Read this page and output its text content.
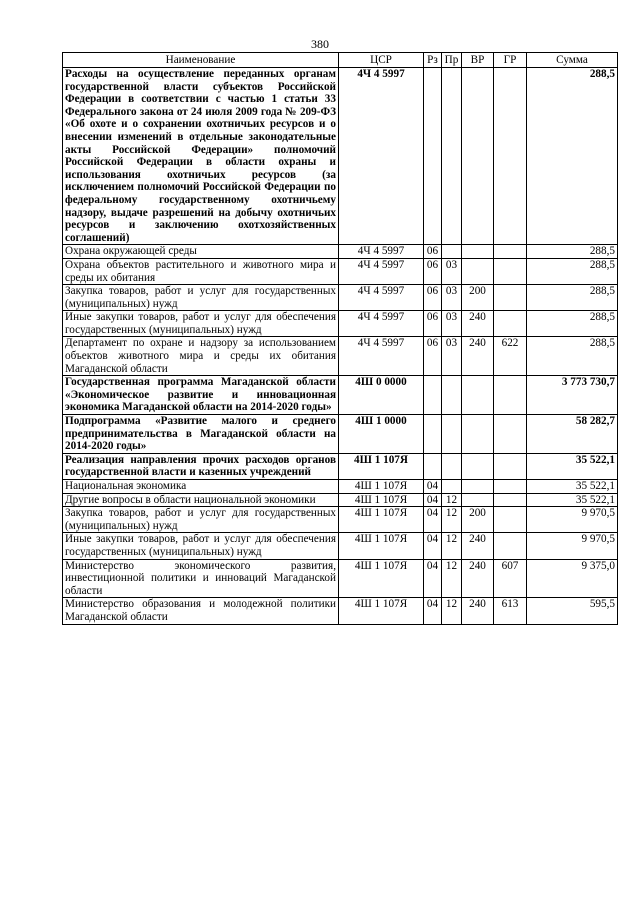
380
Наименование	ЦСР	Рз	Пр	ВР	ГР	Сумма
Расходы на осуществление переданных органам государственной власти субъектов Российской Федерации в соответствии с частью 1 статьи 33 Федерального закона от 24 июля 2009 года № 209-ФЗ «Об охоте и о сохранении охотничьих ресурсов и о внесении изменений в отдельные законодательные акты Российской Федерации» полномочий Российской Федерации в области охраны и использования охотничьих ресурсов (за исключением полномочий Российской Федерации по федеральному государственному охотничьему надзору, выдаче разрешений на добычу охотничьих ресурсов и заключению охотхозяйственных соглашений)	4Ч 4 5997					288,5
Охрана окружающей среды	4Ч 4 5997	06				288,5
Охрана объектов растительного и животного мира и среды их обитания	4Ч 4 5997	06	03			288,5
Закупка товаров, работ и услуг для государственных (муниципальных) нужд	4Ч 4 5997	06	03	200		288,5
Иные закупки товаров, работ и услуг для обеспечения государственных (муниципальных) нужд	4Ч 4 5997	06	03	240		288,5
Департамент по охране и надзору за использованием объектов животного мира и среды их обитания Магаданской области	4Ч 4 5997	06	03	240	622	288,5
Государственная программа Магаданской области «Экономическое развитие и инновационная экономика Магаданской области на 2014-2020 годы»	4Ш 0 0000					3 773 730,7
Подпрограмма «Развитие малого и среднего предпринимательства в Магаданской области на 2014-2020 годы»	4Ш 1 0000					58 282,7
Реализация направления прочих расходов органов государственной власти и казенных учреждений	4Ш 1 107Я					35 522,1
Национальная экономика	4Ш 1 107Я	04				35 522,1
Другие вопросы в области национальной экономики	4Ш 1 107Я	04	12			35 522,1
Закупка товаров, работ и услуг для государственных (муниципальных) нужд	4Ш 1 107Я	04	12	200		9 970,5
Иные закупки товаров, работ и услуг для обеспечения государственных (муниципальных) нужд	4Ш 1 107Я	04	12	240		9 970,5
Министерство экономического развития, инвестиционной политики и инноваций Магаданской области	4Ш 1 107Я	04	12	240	607	9 375,0
Министерство образования и молодежной политики Магаданской области	4Ш 1 107Я	04	12	240	613	595,5
